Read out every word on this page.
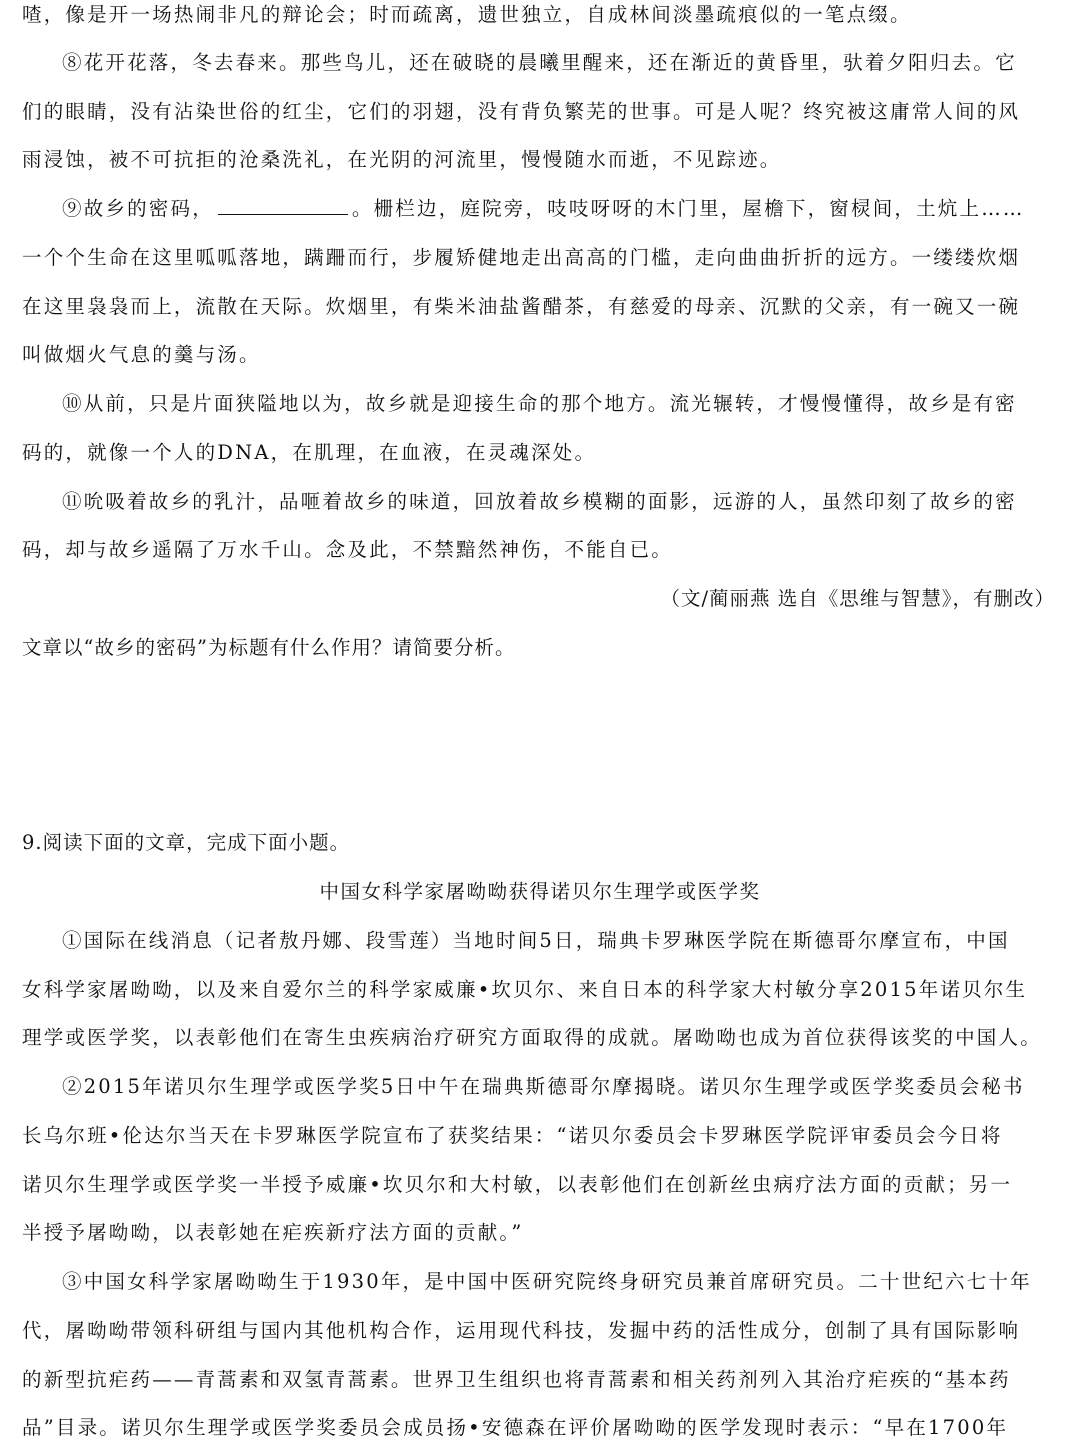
喳，像是开一场热闹非凡的辩论会；时而疏离，遗世独立，自成林间淡墨疏痕似的一笔点缀。
⑧花开花落，冬去春来。那些鸟儿，还在破晓的晨曦里醒来，还在渐近的黄昏里，驮着夕阳归去。它
们的眼睛，没有沾染世俗的红尘，它们的羽翅，没有背负繁芜的世事。可是人呢？终究被这庸常人间的风
雨浸蚀，被不可抗拒的沧桑洗礼，在光阴的河流里，慢慢随水而逝，不见踪迹。
⑨故乡的密码，	。栅栏边，庭院旁，吱吱呀呀的木门里，屋檐下，窗棂间，土炕上……
一个个生命在这里呱呱落地，蹒跚而行，步履矫健地走出高高的门槛，走向曲曲折折的远方。一缕缕炊烟
在这里袅袅而上，流散在天际。炊烟里，有柴米油盐酱醋茶，有慈爱的母亲、沉默的父亲，有一碗又一碗
叫做烟火气息的羹与汤。
⑩从前，只是片面狭隘地以为，故乡就是迎接生命的那个地方。流光辗转，才慢慢懂得，故乡是有密
码的，就像一个人的DNA，在肌理，在血液，在灵魂深处。
⑪吮吸着故乡的乳汁，品咂着故乡的味道，回放着故乡模糊的面影，远游的人，虽然印刻了故乡的密
码，却与故乡遥隔了万水千山。念及此，不禁黯然神伤，不能自已。
（文/蔺丽燕 选自《思维与智慧》，有删改）
文章以“故乡的密码”为标题有什么作用？请简要分析。
9.阅读下面的文章，完成下面小题。
中国女科学家屠呦呦获得诺贝尔生理学或医学奖
①国际在线消息（记者敖丹娜、段雪莲）当地时间5日，瑞典卡罗琳医学院在斯德哥尔摩宣布，中国
女科学家屠呦呦，以及来自爱尔兰的科学家威廉•坎贝尔、来自日本的科学家大村敏分享2015年诺贝尔生
理学或医学奖，以表彰他们在寄生虫疾病治疗研究方面取得的成就。屠呦呦也成为首位获得该奖的中国人。
②2015年诺贝尔生理学或医学奖5日中午在瑞典斯德哥尔摩揭晓。诺贝尔生理学或医学奖委员会秘书
长乌尔班•伦达尔当天在卡罗琳医学院宣布了获奖结果：“诺贝尔委员会卡罗琳医学院评审委员会今日将
诺贝尔生理学或医学奖一半授予威廉•坎贝尔和大村敏，以表彰他们在创新丝虫病疗法方面的贡献；另一
半授予屠呦呦，以表彰她在疟疾新疗法方面的贡献。”
③中国女科学家屠呦呦生于1930年，是中国中医研究院终身研究员兼首席研究员。二十世纪六七十年
代，屠呦呦带领科研组与国内其他机构合作，运用现代科技，发掘中药的活性成分，创制了具有国际影响
的新型抗疟药——青蒿素和双氢青蒿素。世界卫生组织也将青蒿素和相关药剂列入其治疗疟疾的“基本药
品”目录。诺贝尔生理学或医学奖委员会成员扬•安德森在评价屠呦呦的医学发现时表示：“早在1700年
